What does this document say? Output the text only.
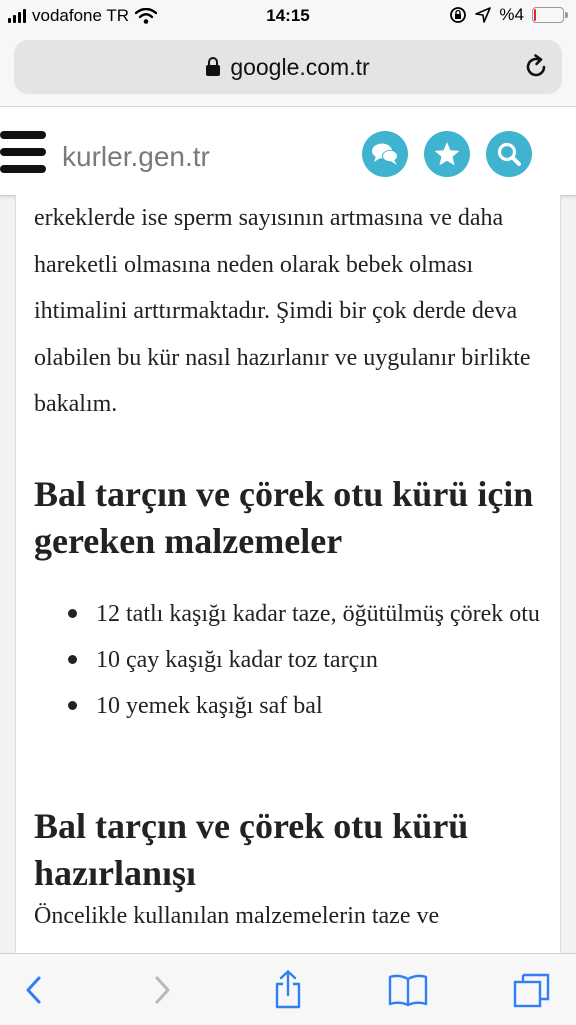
vodafone TR	14:15	%4
google.com.tr
kurler.gen.tr

erkeklerde ise sperm sayısının artmasına ve daha hareketli olmasına neden olarak bebek olması ihtimalini arttırmaktadır. Şimdi bir çok derde deva olabilen bu kür nasıl hazırlanır ve uygulanır birlikte bakalım.

Bal tarçın ve çörek otu kürü için gereken malzemeler
12 tatlı kaşığı kadar taze, öğütülmüş çörek otu
10 çay kaşığı kadar toz tarçın
10 yemek kaşığı saf bal
Bal tarçın ve çörek otu kürü hazırlanışı

Öncelikle kullanılan malzemelerin taze ve
